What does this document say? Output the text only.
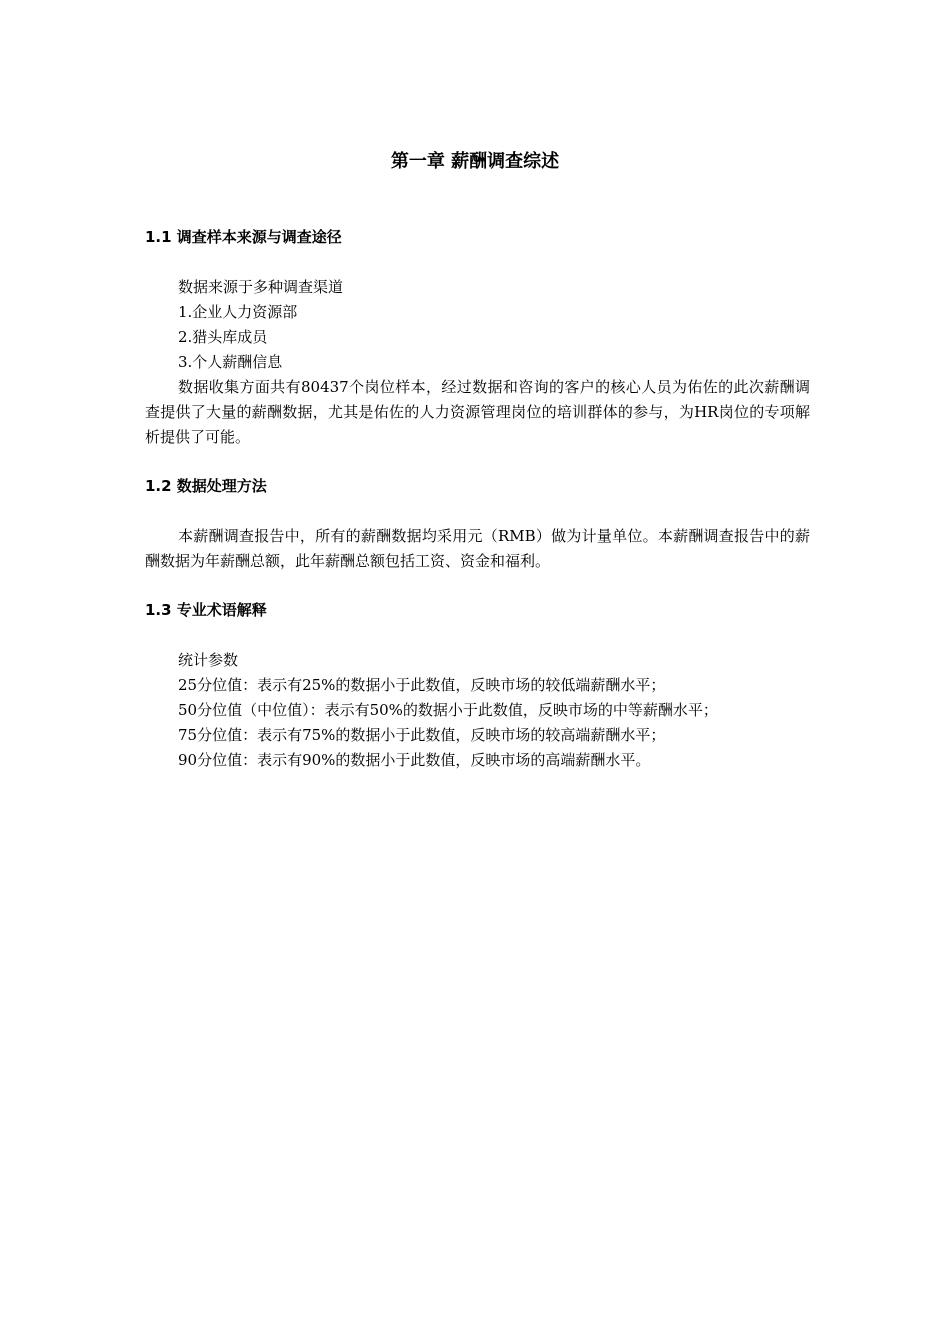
第一章 薪酬调查综述
1.1 调查样本来源与调查途径

数据来源于多种调查渠道

1.企业人力资源部

2.猎头库成员

3.个人薪酬信息

数据收集方面共有80437个岗位样本，经过数据和咨询的客户的核心人员为佑佐的此次薪酬调查提供了大量的薪酬数据，尤其是佑佐的人力资源管理岗位的培训群体的参与，为HR岗位的专项解析提供了可能。

1.2 数据处理方法

本薪酬调查报告中，所有的薪酬数据均采用元（RMB）做为计量单位。本薪酬调查报告中的薪酬数据为年薪酬总额，此年薪酬总额包括工资、资金和福利。

1.3 专业术语解释

统计参数

25分位值：表示有25%的数据小于此数值，反映市场的较低端薪酬水平；

50分位值（中位值）：表示有50%的数据小于此数值，反映市场的中等薪酬水平；

75分位值：表示有75%的数据小于此数值，反映市场的较高端薪酬水平；

90分位值：表示有90%的数据小于此数值，反映市场的高端薪酬水平。
